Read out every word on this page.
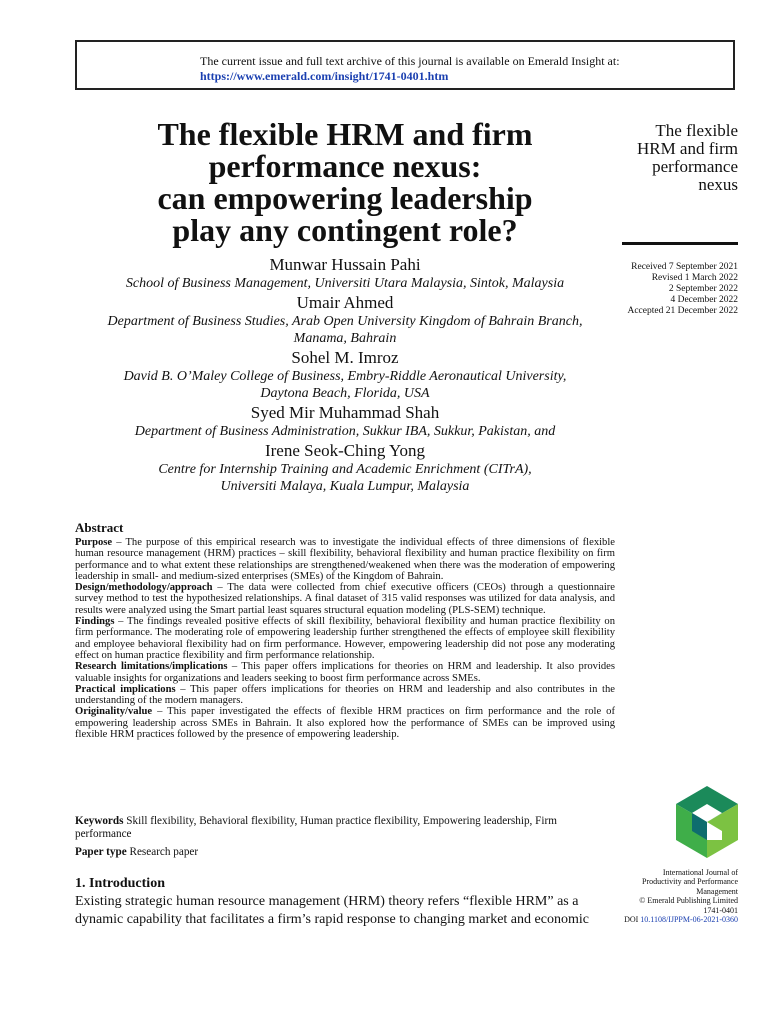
The current issue and full text archive of this journal is available on Emerald Insight at:
https://www.emerald.com/insight/1741-0401.htm
The flexible HRM and firm
performance nexus:
can empowering leadership
play any contingent role?
The flexible
HRM and firm
performance
nexus
Received 7 September 2021
Revised 1 March 2022
2 September 2022
4 December 2022
Accepted 21 December 2022
Munwar Hussain Pahi
School of Business Management, Universiti Utara Malaysia, Sintok, Malaysia
Umair Ahmed
Department of Business Studies, Arab Open University Kingdom of Bahrain Branch,
Manama, Bahrain
Sohel M. Imroz
David B. O’Maley College of Business, Embry-Riddle Aeronautical University,
Daytona Beach, Florida, USA
Syed Mir Muhammad Shah
Department of Business Administration, Sukkur IBA, Sukkur, Pakistan, and
Irene Seok-Ching Yong
Centre for Internship Training and Academic Enrichment (CITrA),
Universiti Malaya, Kuala Lumpur, Malaysia
Abstract

Purpose – The purpose of this empirical research was to investigate the individual effects of three dimensions of flexible human resource management (HRM) practices – skill flexibility, behavioral flexibility and human practice flexibility on firm performance and to what extent these relationships are strengthened/weakened when there was the moderation of empowering leadership in small- and medium-sized enterprises (SMEs) of the Kingdom of Bahrain.

Design/methodology/approach – The data were collected from chief executive officers (CEOs) through a questionnaire survey method to test the hypothesized relationships. A final dataset of 315 valid responses was utilized for data analysis, and results were analyzed using the Smart partial least squares structural equation modeling (PLS-SEM) technique.

Findings – The findings revealed positive effects of skill flexibility, behavioral flexibility and human practice flexibility on firm performance. The moderating role of empowering leadership further strengthened the effects of employee skill flexibility and employee behavioral flexibility had on firm performance. However, empowering leadership did not pose any moderating effect on human practice flexibility and firm performance relationship.

Research limitations/implications – This paper offers implications for theories on HRM and leadership. It also provides valuable insights for organizations and leaders seeking to boost firm performance across SMEs.

Practical implications – This paper offers implications for theories on HRM and leadership and also contributes in the understanding of the modern managers.

Originality/value – This paper investigated the effects of flexible HRM practices on firm performance and the role of empowering leadership across SMEs in Bahrain. It also explored how the performance of SMEs can be improved using flexible HRM practices followed by the presence of empowering leadership.

Keywords Skill flexibility, Behavioral flexibility, Human practice flexibility, Empowering leadership, Firm performance
Paper type Research paper
1. Introduction
Existing strategic human resource management (HRM) theory refers “flexible HRM” as a
dynamic capability that facilitates a firm’s rapid response to changing market and economic
International Journal of
Productivity and Performance
Management
© Emerald Publishing Limited
1741-0401
DOI 10.1108/IJPPM-06-2021-0360
